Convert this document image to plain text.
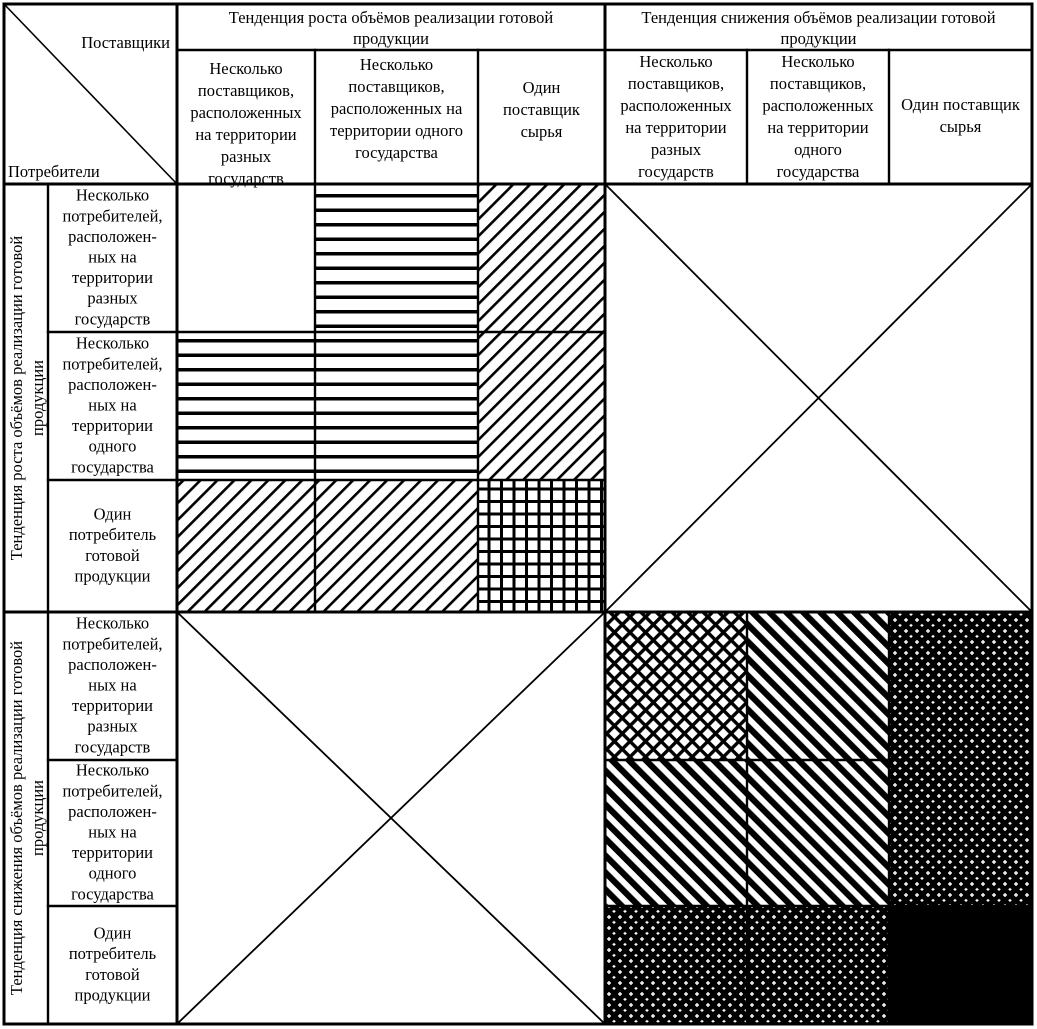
Поставщики
Потребители
Тенденция роста объёмов реализации готовой продукции
Тенденция снижения объёмов реализации готовой продукции
Несколько поставщиков, расположенных на территории разных государств
Несколько поставщиков, расположенных на территории одного государства
Один поставщик сырья
Несколько поставщиков, расположенных на территории разных государств
Несколько поставщиков, расположенных на территории одного государства
Один поставщик сырья
Тенденция роста объёмов реализации готовой продукции
Тенденция снижения объёмов реализации готовой продукции
Несколько потребителей, расположен-ных на территории разных государств
Несколько потребителей, расположен-ных на территории одного государства
Один потребитель готовой продукции
Несколько потребителей, расположен-ных на территории разных государств
Несколько потребителей, расположен-ных на территории одного государства
Один потребитель готовой продукции
